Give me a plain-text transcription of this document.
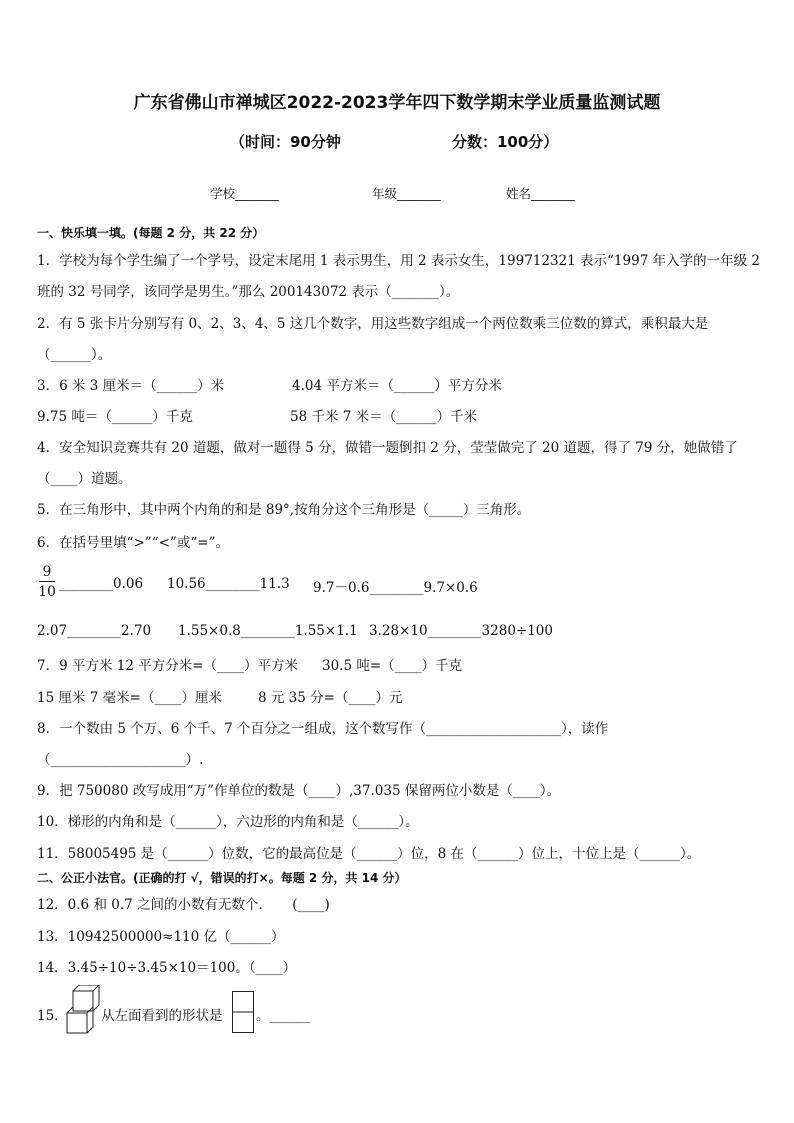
广东省佛山市禅城区2022-2023学年四下数学期末学业质量监测试题
（时间：90分钟	分数：100分）
学校_______	年级_______	姓名_______
一、快乐填一填。(每题 2 分，共 22 分）
1．学校为每个学生编了一个学号，设定末尾用 1 表示男生，用 2 表示女生，199712321 表示“1997 年入学的一年级 2
班的 32 号同学，该同学是男生。”那么 200143072 表示（_______）。
2．有 5 张卡片分别写有 0、2、3、4、5 这几个数字，用这些数字组成一个两位数乘三位数的算式，乘积最大是
（______）。
3．6 米 3 厘米＝（______）米	4.04 平方米＝（______）平方分米
9.75 吨＝（______）千克	58 千米 7 米＝（______）千米
4．安全知识竞赛共有 20 道题，做对一题得 5 分，做错一题倒扣 2 分，莹莹做完了 20 道题，得了 79 分，她做错了
（____）道题。
5．在三角形中，其中两个内角的和是 89°,按角分这个三角形是（_____）三角形。
6．在括号里填“>”“<”或“=”。
9
10 ________0.06 10.56________11.3 9.7－0.6________9.7×0.6
2.07________2.70 1.55×0.8________1.55×1.1 3.28×10________3280÷100
7．9 平方米 12 平方分米=（____）平方米 30.5 吨=（____）千克
15 厘米 7 毫米=（____）厘米	8 元 35 分=（____）元
8．一个数由 5 个万、6 个千、7 个百分之一组成，这个数写作（____________________），读作
（____________________）.
9．把 750080 改写成用“万”作单位的数是（____）,37.035 保留两位小数是（____）。
10．梯形的内角和是（______），六边形的内角和是（______）。
11．58005495 是（______）位数，它的最高位是（______）位，8 在（______）位上，十位上是（______）。
二、公正小法官。(正确的打 √，错误的打×。每题 2 分，共 14 分）
12．0.6 和 0.7 之间的小数有无数个．　　(____)
13．10942500000≈110 亿（______）
14．3.45÷10÷3.45×10＝100。（____）
15． 从左面看到的形状是 。______
